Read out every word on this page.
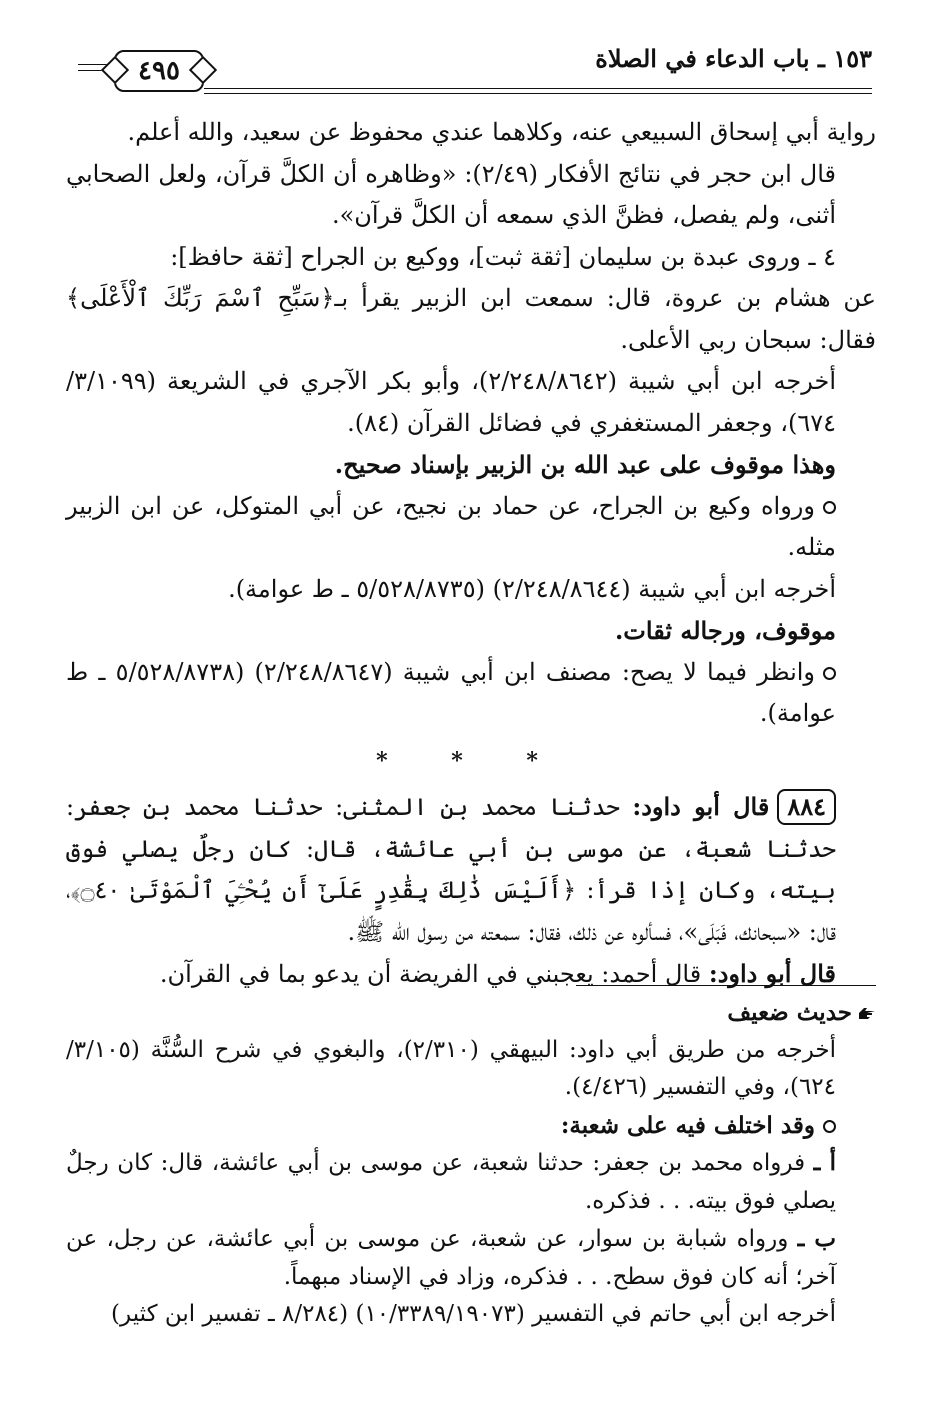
١٥٣ ـ باب الدعاء في الصلاة
٤٩٥

رواية أبي إسحاق السبيعي عنه، وكلاهما عندي محفوظ عن سعيد، والله أعلم.

قال ابن حجر في نتائج الأفكار (٢/٤٩): «وظاهره أن الكلَّ قرآن، ولعل الصحابي أثنى، ولم يفصل، فظنَّ الذي سمعه أن الكلَّ قرآن».

٤ ـ وروى عبدة بن سليمان [ثقة ثبت]، ووكيع بن الجراح [ثقة حافظ]:

عن هشام بن عروة، قال: سمعت ابن الزبير يقرأ بـ﴿سَبِّحِ ٱسْمَ رَبِّكَ ٱلْأَعْلَى﴾ فقال: سبحان ربي الأعلى.

أخرجه ابن أبي شيبة (٢/٢٤٨/٨٦٤٢)، وأبو بكر الآجري في الشريعة (٣/١٠٩٩/ ٦٧٤)، وجعفر المستغفري في فضائل القرآن (٨٤).

وهذا موقوف على عبد الله بن الزبير بإسناد صحيح.

ورواه وكيع بن الجراح، عن حماد بن نجيح، عن أبي المتوكل، عن ابن الزبير مثله.

أخرجه ابن أبي شيبة (٢/٢٤٨/٨٦٤٤) (٥/٥٢٨/٨٧٣٥ ـ ط عوامة).

موقوف، ورجاله ثقات.

وانظر فيما لا يصح: مصنف ابن أبي شيبة (٢/٢٤٨/٨٦٤٧) (٥/٥٢٨/٨٧٣٨ ـ ط عوامة).

* * *

٨٨٤قال أبو داود: حدثنا محمد بن المثنى: حدثنا محمد بن جعفر: حدثنا شعبة، عن موسى بن أبي عائشة، قال: كان رجلٌ يصلي فوق بيته، وكان إذا قرأ: ﴿أَلَيْسَ ذَٰلِكَ بِقَٰدِرٍ عَلَىٰٓ أَن يُحْـِۧيَ ٱلْمَوْتَىٰ ۝٤٠﴾، قال: «سبحانك، فَبَلَى»، فسألوه عن ذلك، فقال: سمعته من رسول الله ﷺ.

قال أبو داود: قال أحمد: يعجبني في الفريضة أن يدعو بما في القرآن.

حديث ضعيف

أخرجه من طريق أبي داود: البيهقي (٢/٣١٠)، والبغوي في شرح السُّنَّة (٣/١٠٥/ ٦٢٤)، وفي التفسير (٤/٤٢٦).

وقد اختلف فيه على شعبة:

أ ـ فرواه محمد بن جعفر: حدثنا شعبة، عن موسى بن أبي عائشة، قال: كان رجلٌ يصلي فوق بيته. . . فذكره.

ب ـ ورواه شبابة بن سوار، عن شعبة، عن موسى بن أبي عائشة، عن رجل، عن آخر؛ أنه كان فوق سطح. . . فذكره، وزاد في الإسناد مبهماً.

أخرجه ابن أبي حاتم في التفسير (١٠/٣٣٨٩/١٩٠٧٣) (٨/٢٨٤ ـ تفسير ابن كثير)
